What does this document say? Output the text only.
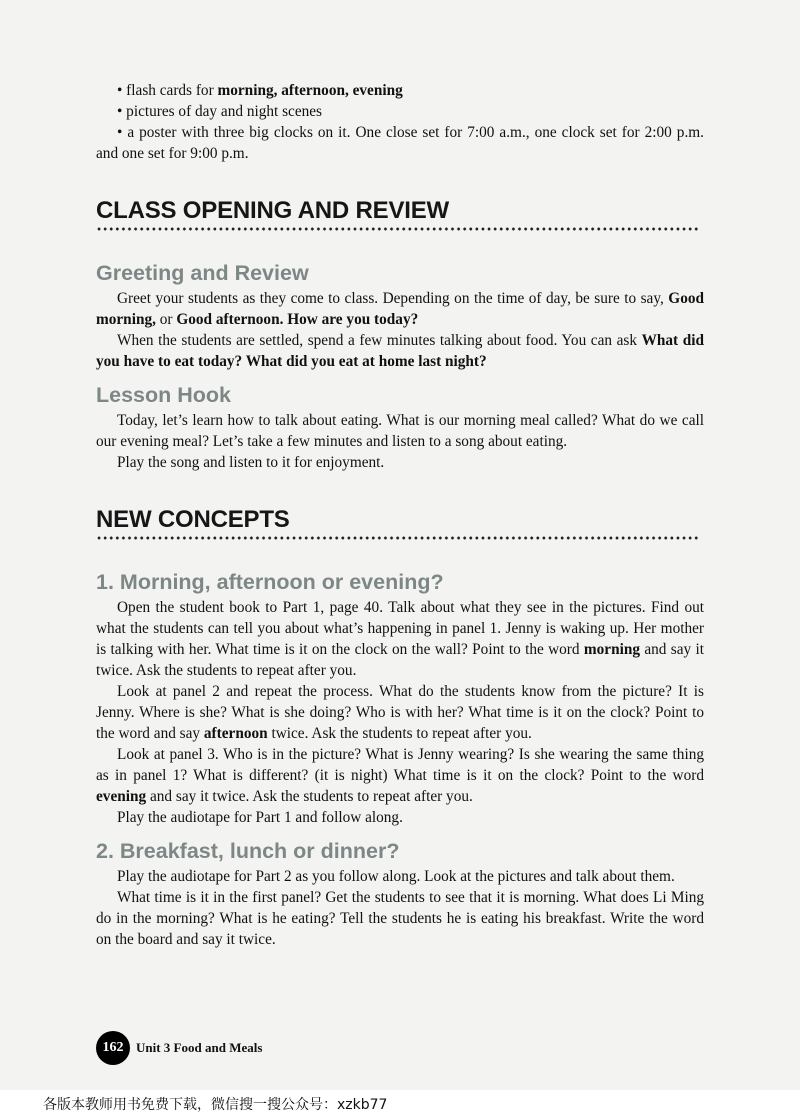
• flash cards for morning, afternoon, evening

• pictures of day and night scenes

• a poster with three big clocks on it. One close set for 7:00 a.m., one clock set for 2:00 p.m. and one set for 9:00 p.m.

CLASS OPENING AND REVIEW
Greeting and Review

Greet your students as they come to class. Depending on the time of day, be sure to say, Good morning, or Good afternoon. How are you today?

When the students are settled, spend a few minutes talking about food. You can ask What did you have to eat today? What did you eat at home last night?

Lesson Hook

Today, let’s learn how to talk about eating. What is our morning meal called? What do we call our evening meal? Let’s take a few minutes and listen to a song about eating.

Play the song and listen to it for enjoyment.

NEW CONCEPTS
1. Morning, afternoon or evening?

Open the student book to Part 1, page 40. Talk about what they see in the pictures. Find out what the students can tell you about what’s happening in panel 1. Jenny is waking up. Her mother is talking with her. What time is it on the clock on the wall? Point to the word morning and say it twice. Ask the students to repeat after you.

Look at panel 2 and repeat the process. What do the students know from the picture? It is Jenny. Where is she? What is she doing? Who is with her? What time is it on the clock? Point to the word and say afternoon twice. Ask the students to repeat after you.

Look at panel 3. Who is in the picture? What is Jenny wearing? Is she wearing the same thing as in panel 1? What is different? (it is night) What time is it on the clock? Point to the word evening and say it twice. Ask the students to repeat after you.

Play the audiotape for Part 1 and follow along.

2. Breakfast, lunch or dinner?

Play the audiotape for Part 2 as you follow along. Look at the pictures and talk about them.

What time is it in the first panel? Get the students to see that it is morning. What does Li Ming do in the morning? What is he eating? Tell the students he is eating his breakfast. Write the word on the board and say it twice.

162 Unit 3 Food and Meals
各版本教师用书免费下载，微信搜一搜公众号：xzkb77
